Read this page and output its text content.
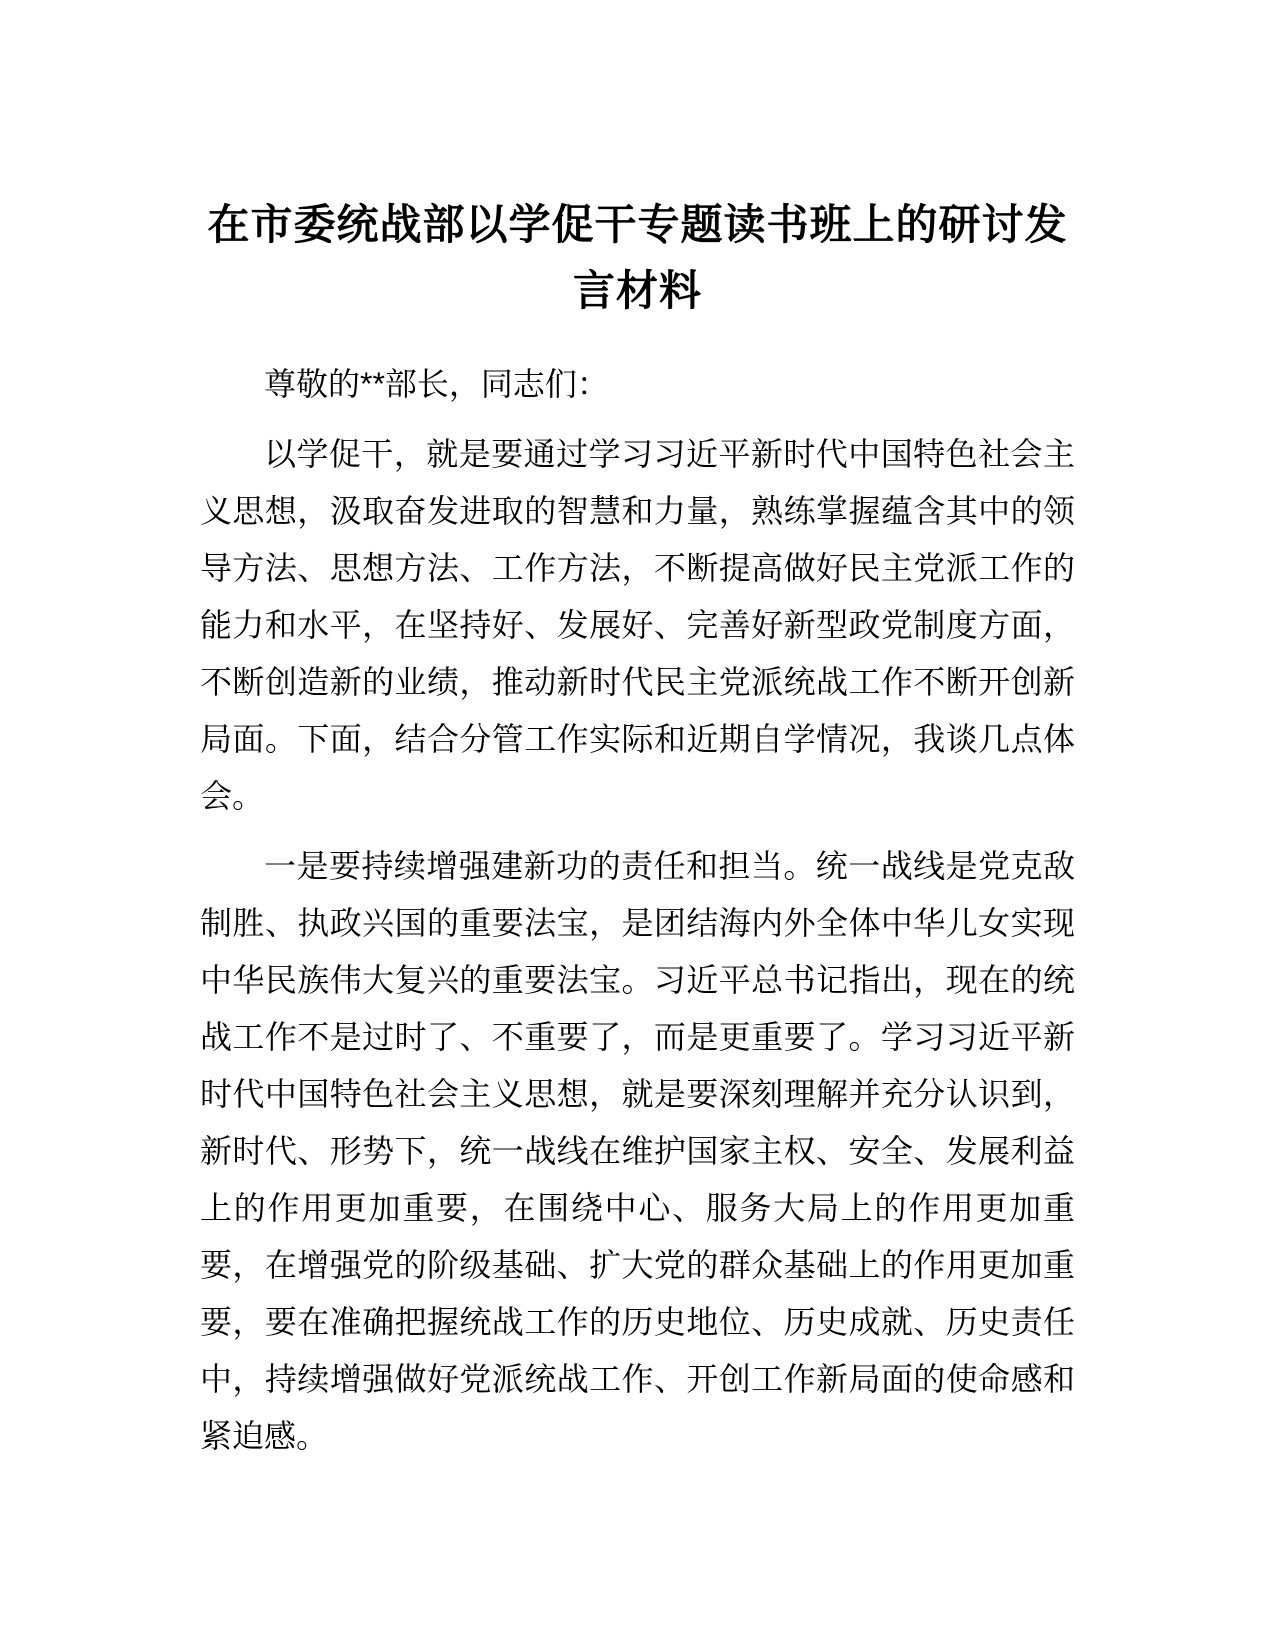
在市委统战部以学促干专题读书班上的研讨发言材料

尊敬的**部长，同志们：

以学促干，就是要通过学习习近平新时代中国特色社会主义思想，汲取奋发进取的智慧和力量，熟练掌握蕴含其中的领导方法、思想方法、工作方法，不断提高做好民主党派工作的能力和水平，在坚持好、发展好、完善好新型政党制度方面，不断创造新的业绩，推动新时代民主党派统战工作不断开创新局面。下面，结合分管工作实际和近期自学情况，我谈几点体会。

一是要持续增强建新功的责任和担当。统一战线是党克敌制胜、执政兴国的重要法宝，是团结海内外全体中华儿女实现中华民族伟大复兴的重要法宝。习近平总书记指出，现在的统战工作不是过时了、不重要了，而是更重要了。学习习近平新时代中国特色社会主义思想，就是要深刻理解并充分认识到，新时代、形势下，统一战线在维护国家主权、安全、发展利益上的作用更加重要，在围绕中心、服务大局上的作用更加重要，在增强党的阶级基础、扩大党的群众基础上的作用更加重要，要在准确把握统战工作的历史地位、历史成就、历史责任中，持续增强做好党派统战工作、开创工作新局面的使命感和紧迫感。
